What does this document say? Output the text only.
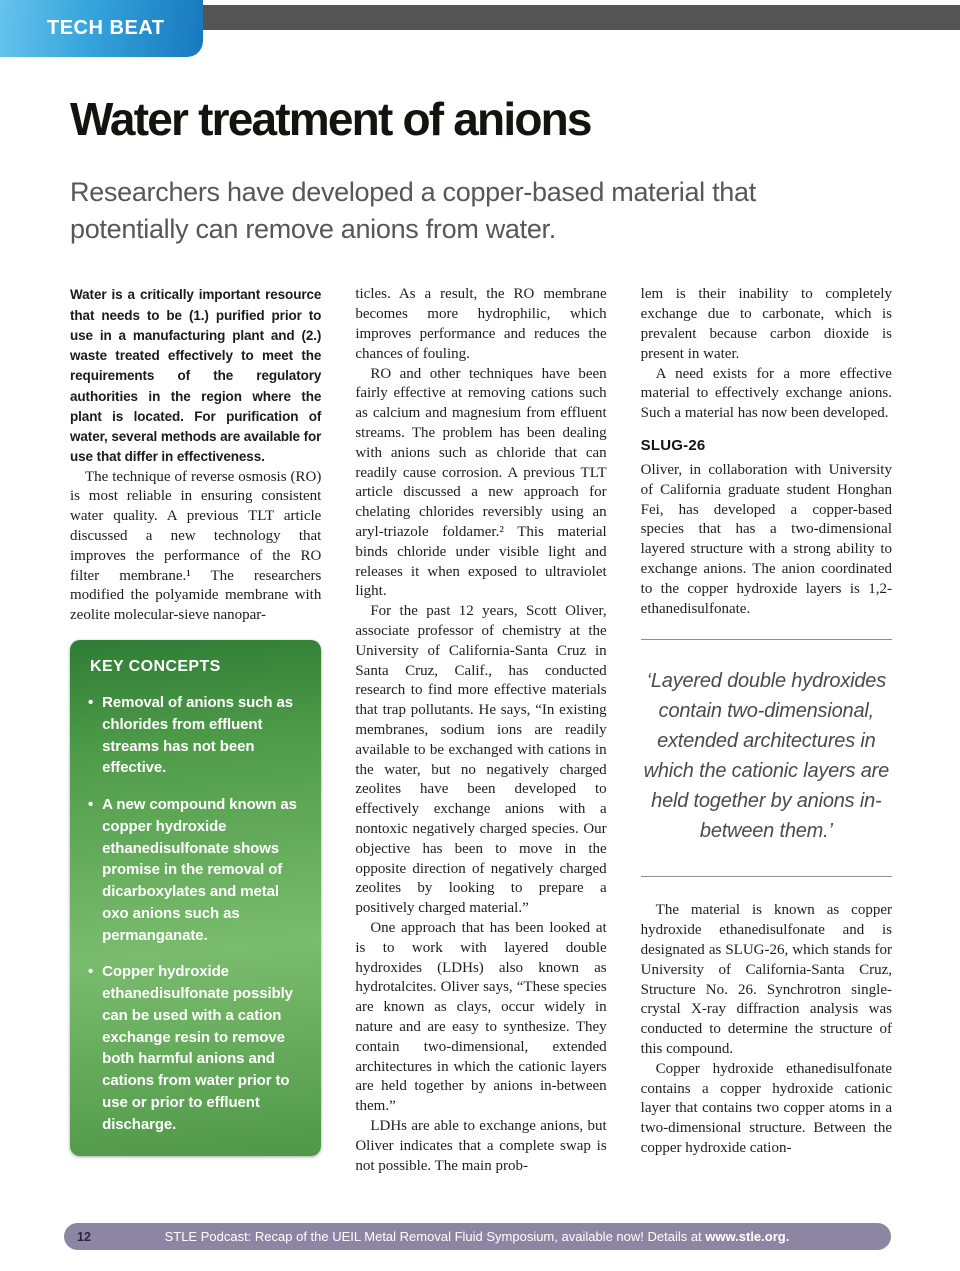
TECH BEAT
Water treatment of anions

Researchers have developed a copper-based material that potentially can remove anions from water.

Water is a critically important resource that needs to be (1.) purified prior to use in a manufacturing plant and (2.) waste treated effectively to meet the requirements of the regulatory authorities in the region where the plant is located. For purification of water, several methods are available for use that differ in effectiveness.

The technique of reverse osmosis (RO) is most reliable in ensuring consistent water quality. A previous TLT article discussed a new technology that improves the performance of the RO filter membrane.¹ The researchers modified the polyamide membrane with zeolite molecular-sieve nanopar-

KEY CONCEPTS
• Removal of anions such as chlorides from effluent streams has not been effective.
• A new compound known as copper hydroxide ethanedisulfonate shows promise in the removal of dicarboxylates and metal oxo anions such as permanganate.
• Copper hydroxide ethanedisulfonate possibly can be used with a cation exchange resin to remove both harmful anions and cations from water prior to use or prior to effluent discharge.

ticles. As a result, the RO membrane becomes more hydrophilic, which improves performance and reduces the chances of fouling.

RO and other techniques have been fairly effective at removing cations such as calcium and magnesium from effluent streams. The problem has been dealing with anions such as chloride that can readily cause corrosion. A previous TLT article discussed a new approach for chelating chlorides reversibly using an aryl-triazole foldamer.² This material binds chloride under visible light and releases it when exposed to ultraviolet light.

For the past 12 years, Scott Oliver, associate professor of chemistry at the University of California-Santa Cruz in Santa Cruz, Calif., has conducted research to find more effective materials that trap pollutants. He says, “In existing membranes, sodium ions are readily available to be exchanged with cations in the water, but no negatively charged zeolites have been developed to effectively exchange anions with a nontoxic negatively charged species. Our objective has been to move in the opposite direction of negatively charged zeolites by looking to prepare a positively charged material.”

One approach that has been looked at is to work with layered double hydroxides (LDHs) also known as hydrotalcites. Oliver says, “These species are known as clays, occur widely in nature and are easy to synthesize. They contain two-dimensional, extended architectures in which the cationic layers are held together by anions in-between them.”

LDHs are able to exchange anions, but Oliver indicates that a complete swap is not possible. The main prob-

lem is their inability to completely exchange due to carbonate, which is prevalent because carbon dioxide is present in water.

A need exists for a more effective material to effectively exchange anions. Such a material has now been developed.

SLUG-26

Oliver, in collaboration with University of California graduate student Honghan Fei, has developed a copper-based species that has a two-dimensional layered structure with a strong ability to exchange anions. The anion coordinated to the copper hydroxide layers is 1,2-ethanedisulfonate.

‘Layered double hydroxides contain two-dimensional, extended architectures in which the cationic layers are held together by anions in-between them.’

The material is known as copper hydroxide ethanedisulfonate and is designated as SLUG-26, which stands for University of California-Santa Cruz, Structure No. 26. Synchrotron single-crystal X-ray diffraction analysis was conducted to determine the structure of this compound.

Copper hydroxide ethanedisulfonate contains a copper hydroxide cationic layer that contains two copper atoms in a two-dimensional structure. Between the copper hydroxide cation-

12	STLE Podcast: Recap of the UEIL Metal Removal Fluid Symposium, available now! Details at www.stle.org.
